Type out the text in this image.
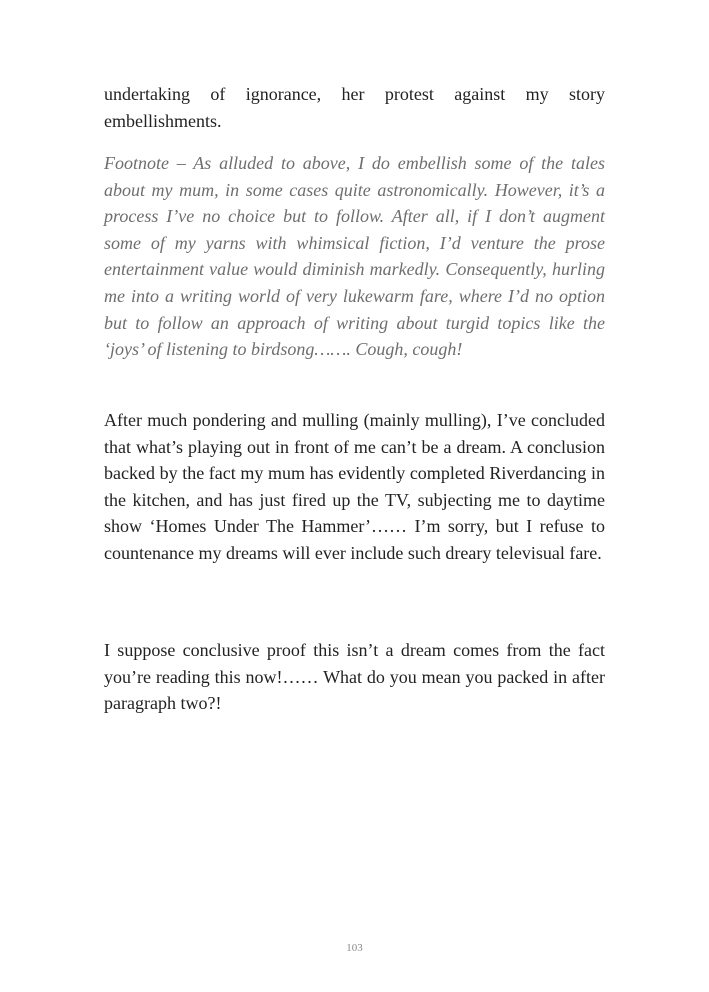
undertaking of ignorance, her protest against my story embellishments.

Footnote – As alluded to above, I do embellish some of the tales about my mum, in some cases quite astronomically. However, it’s a process I’ve no choice but to follow. After all, if I don’t augment some of my yarns with whimsical fiction, I’d venture the prose entertainment value would diminish markedly. Consequently, hurling me into a writing world of very lukewarm fare, where I’d no option but to follow an approach of writing about turgid topics like the ‘joys’ of listening to birdsong……. Cough, cough!

After much pondering and mulling (mainly mulling), I’ve concluded that what’s playing out in front of me can’t be a dream. A conclusion backed by the fact my mum has evidently completed Riverdancing in the kitchen, and has just fired up the TV, subjecting me to daytime show ‘Homes Under The Hammer’…… I’m sorry, but I refuse to countenance my dreams will ever include such dreary televisual fare.

I suppose conclusive proof this isn’t a dream comes from the fact you’re reading this now!…… What do you mean you packed in after paragraph two?!

103
